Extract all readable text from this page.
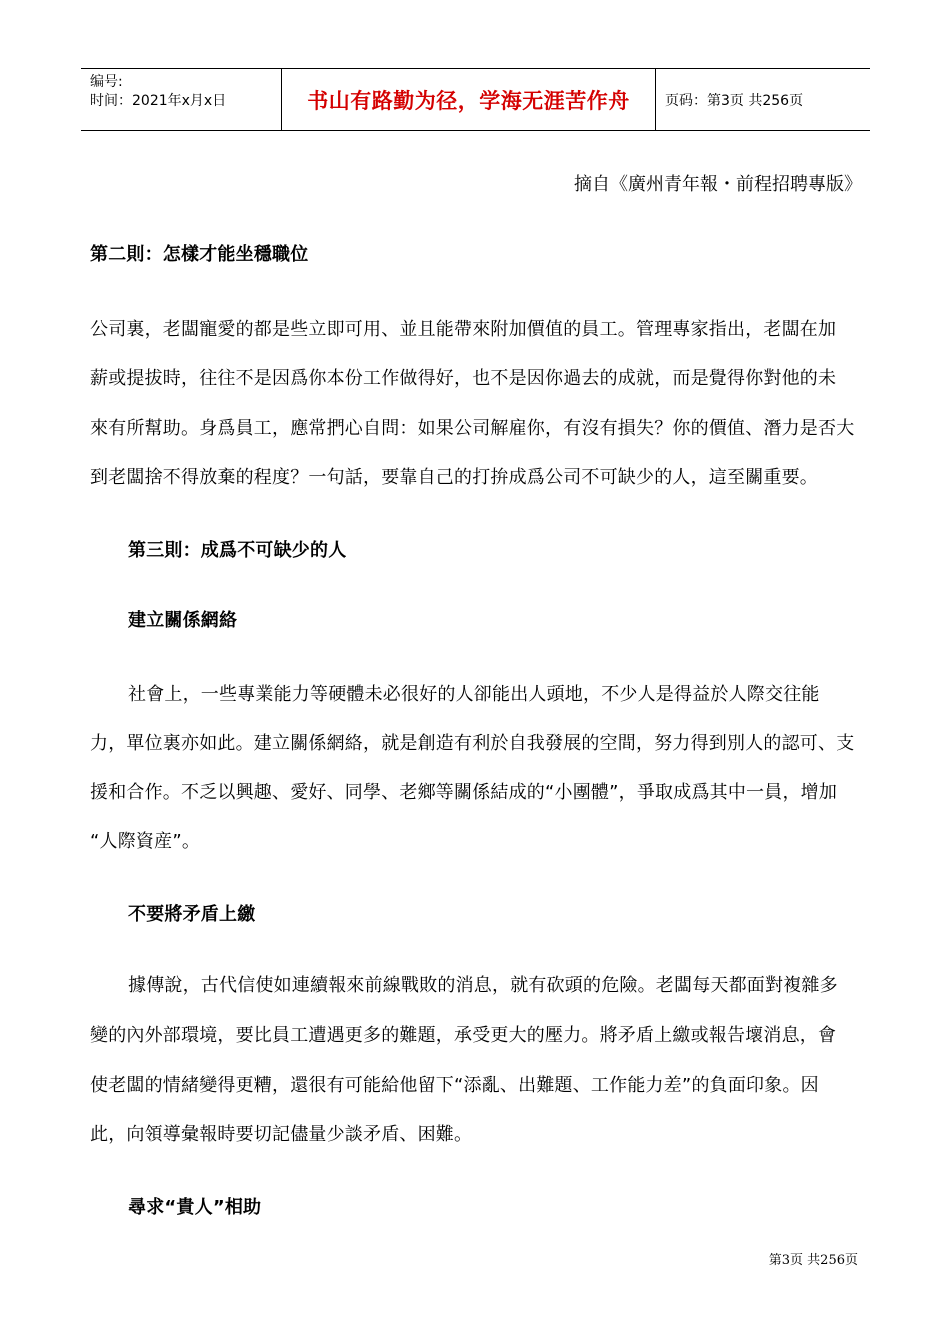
编号:
时间：2021年x月x日	书山有路勤为径，学海无涯苦作舟	页码：第3页 共256页
摘自《廣州青年報・前程招聘專版》
第二則：怎樣才能坐穩職位
公司裏，老闆寵愛的都是些立即可用、並且能帶來附加價值的員工。管理專家指出，老闆在加
薪或提拔時，往往不是因爲你本份工作做得好，也不是因你過去的成就，而是覺得你對他的未
來有所幫助。身爲員工，應常捫心自問：如果公司解雇你，有沒有損失？你的價值、潛力是否大
到老闆捨不得放棄的程度？一句話，要靠自己的打拚成爲公司不可缺少的人，這至關重要。
第三則：成爲不可缺少的人
建立關係網絡
社會上，一些專業能力等硬體未必很好的人卻能出人頭地，不少人是得益於人際交往能
力，單位裏亦如此。建立關係網絡，就是創造有利於自我發展的空間，努力得到別人的認可、支
援和合作。不乏以興趣、愛好、同學、老鄉等關係結成的“小團體”，爭取成爲其中一員，增加
“人際資産”。
不要將矛盾上繳
據傳說，古代信使如連續報來前線戰敗的消息，就有砍頭的危險。老闆每天都面對複雜多
變的內外部環境，要比員工遭遇更多的難題，承受更大的壓力。將矛盾上繳或報告壞消息，會
使老闆的情緒變得更糟，還很有可能給他留下“添亂、出難題、工作能力差”的負面印象。因
此，向領導彙報時要切記儘量少談矛盾、困難。
尋求“貴人”相助
第3页 共256页
